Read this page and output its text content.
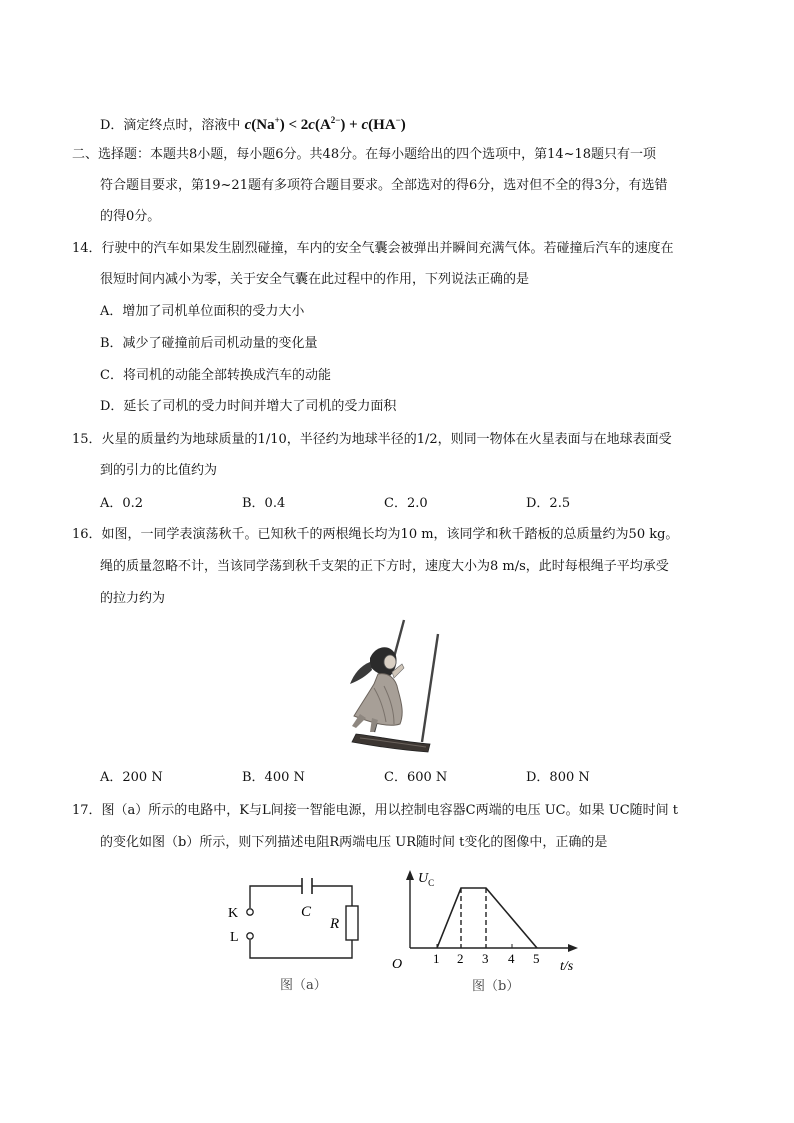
D．滴定终点时，溶液中 $c(Na^+) < 2c(A^{2-}) + c(HA^-)$
二、选择题：本题共8小题，每小题6分。共48分。在每小题给出的四个选项中，第14~18题只有一项
符合题目要求，第19~21题有多项符合题目要求。全部选对的得6分，选对但不全的得3分，有选错
的得0分。
14．行驶中的汽车如果发生剧烈碰撞，车内的安全气囊会被弹出并瞬间充满气体。若碰撞后汽车的速度在
很短时间内减小为零，关于安全气囊在此过程中的作用，下列说法正确的是
A．增加了司机单位面积的受力大小
B．减少了碰撞前后司机动量的变化量
C．将司机的动能全部转换成汽车的动能
D．延长了司机的受力时间并增大了司机的受力面积
15．火星的质量约为地球质量的1/10，半径约为地球半径的1/2，则同一物体在火星表面与在地球表面受
到的引力的比值约为
A．0.2	B．0.4	C．2.0	D．2.5
16．如图，一同学表演荡秋千。已知秋千的两根绳长均为10 m，该同学和秋千踏板的总质量约为50 kg。
绳的质量忽略不计，当该同学荡到秋千支架的正下方时，速度大小为8 m/s，此时每根绳子平均承受
的拉力约为
A．200 N	B．400 N	C．600 N	D．800 N
17．图（a）所示的电路中，K与L间接一智能电源，用以控制电容器C两端的电压 UC。如果 UC随时间 t
的变化如图（b）所示，则下列描述电阻R两端电压 UR随时间 t变化的图像中，正确的是
K
L
C
R
图（a）
$U_C$
O 1 2 3 4 5
t/s
图（b）
